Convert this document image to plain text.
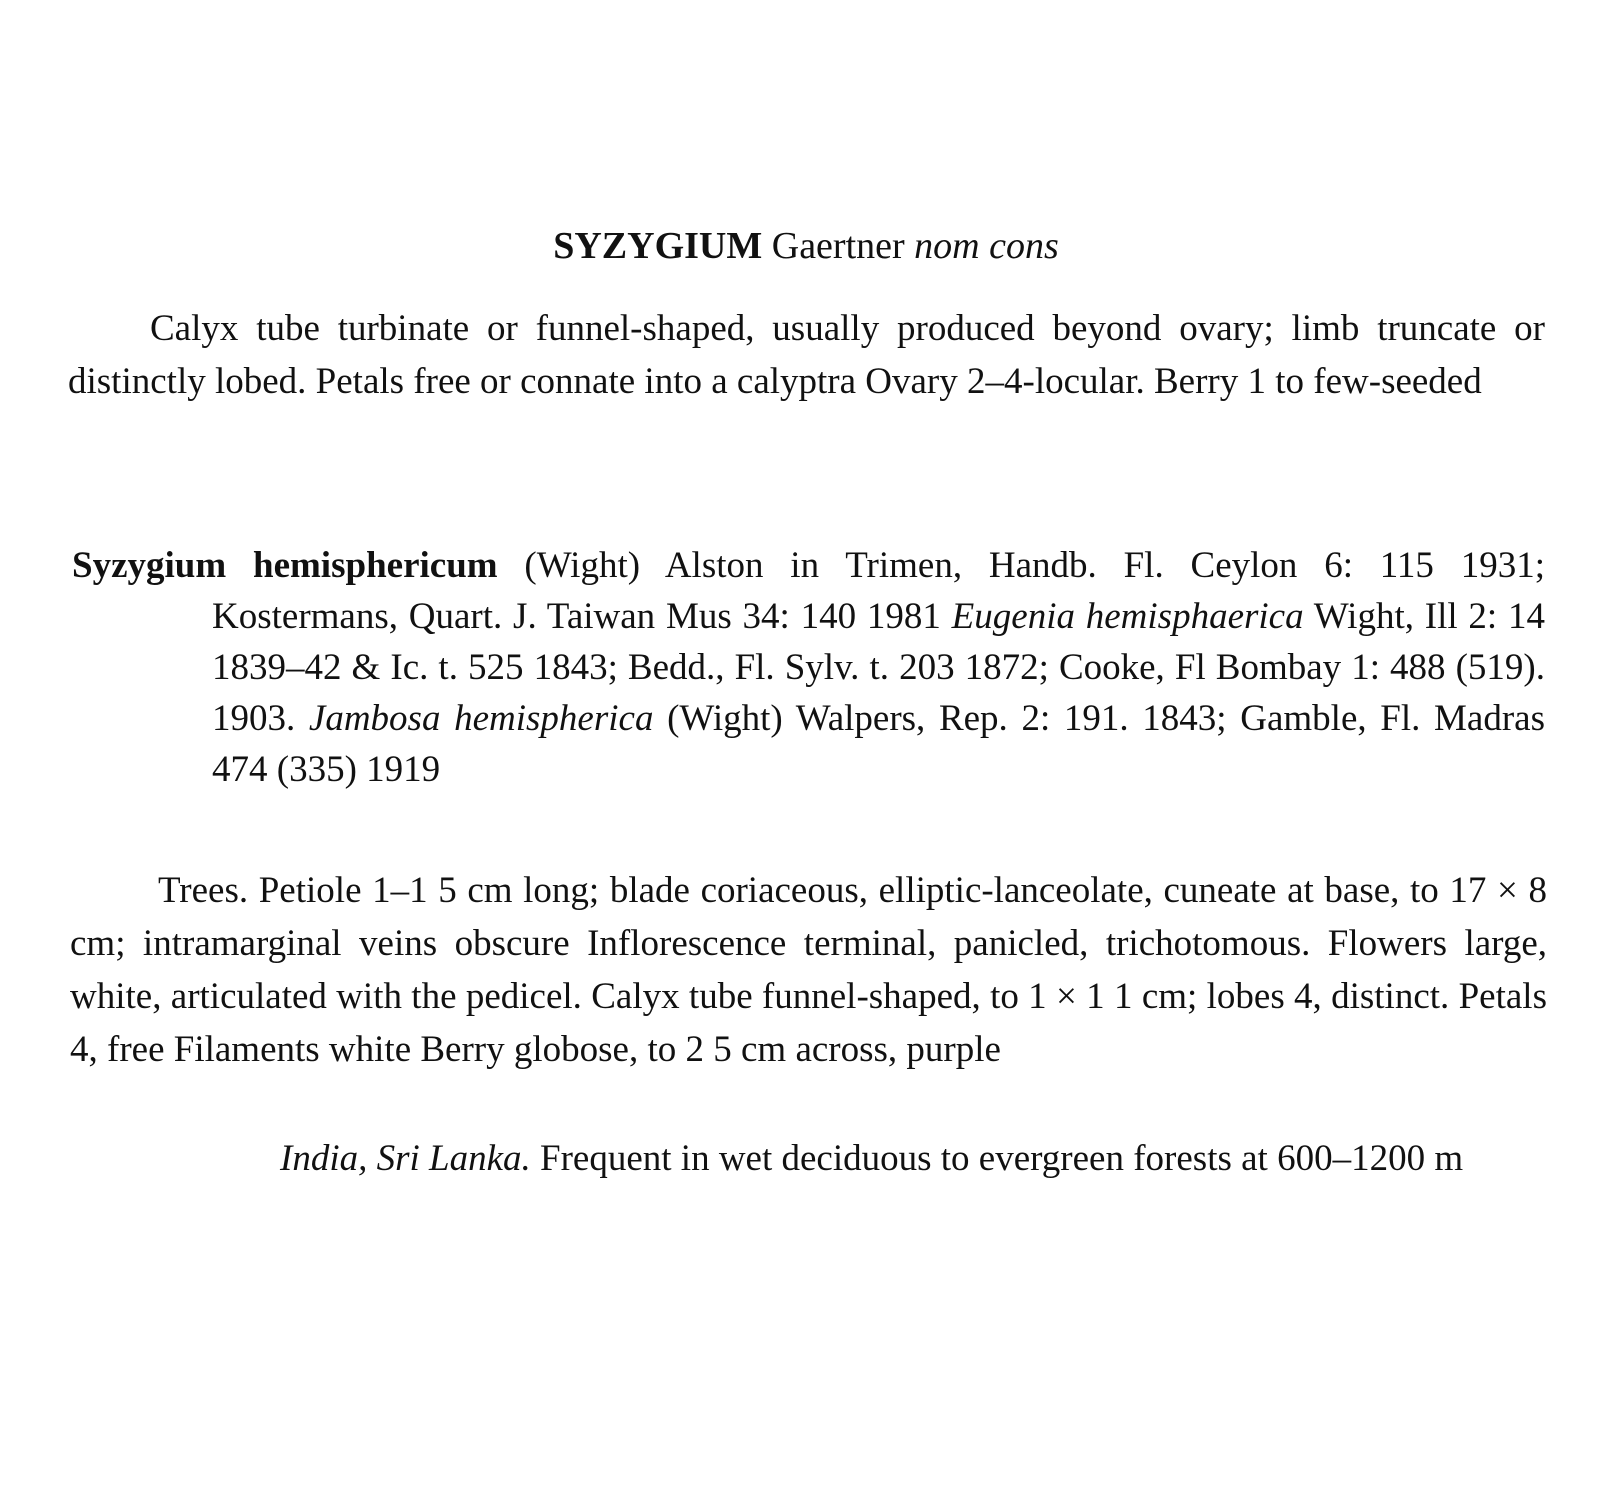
SYZYGIUM Gaertner nom cons

Calyx tube turbinate or funnel-shaped, usually produced beyond ovary; limb truncate or distinctly lobed. Petals free or connate into a calyptra Ovary 2–4-locular. Berry 1 to few-seeded

Syzygium hemisphericum (Wight) Alston in Trimen, Handb. Fl. Ceylon 6: 115 1931; Kostermans, Quart. J. Taiwan Mus 34: 140 1981 Eugenia hemisphaerica Wight, Ill 2: 14 1839–42 & Ic. t. 525 1843; Bedd., Fl. Sylv. t. 203 1872; Cooke, Fl Bombay 1: 488 (519). 1903. Jambosa hemispherica (Wight) Walpers, Rep. 2: 191. 1843; Gamble, Fl. Madras 474 (335) 1919

Trees. Petiole 1–1 5 cm long; blade coriaceous, elliptic-lanceolate, cuneate at base, to 17 × 8 cm; intramarginal veins obscure Inflorescence terminal, panicled, trichotomous. Flowers large, white, articulated with the pedicel. Calyx tube funnel-shaped, to 1 × 1 1 cm; lobes 4, distinct. Petals 4, free Filaments white Berry globose, to 2 5 cm across, purple

India, Sri Lanka. Frequent in wet deciduous to evergreen forests at 600–1200 m
